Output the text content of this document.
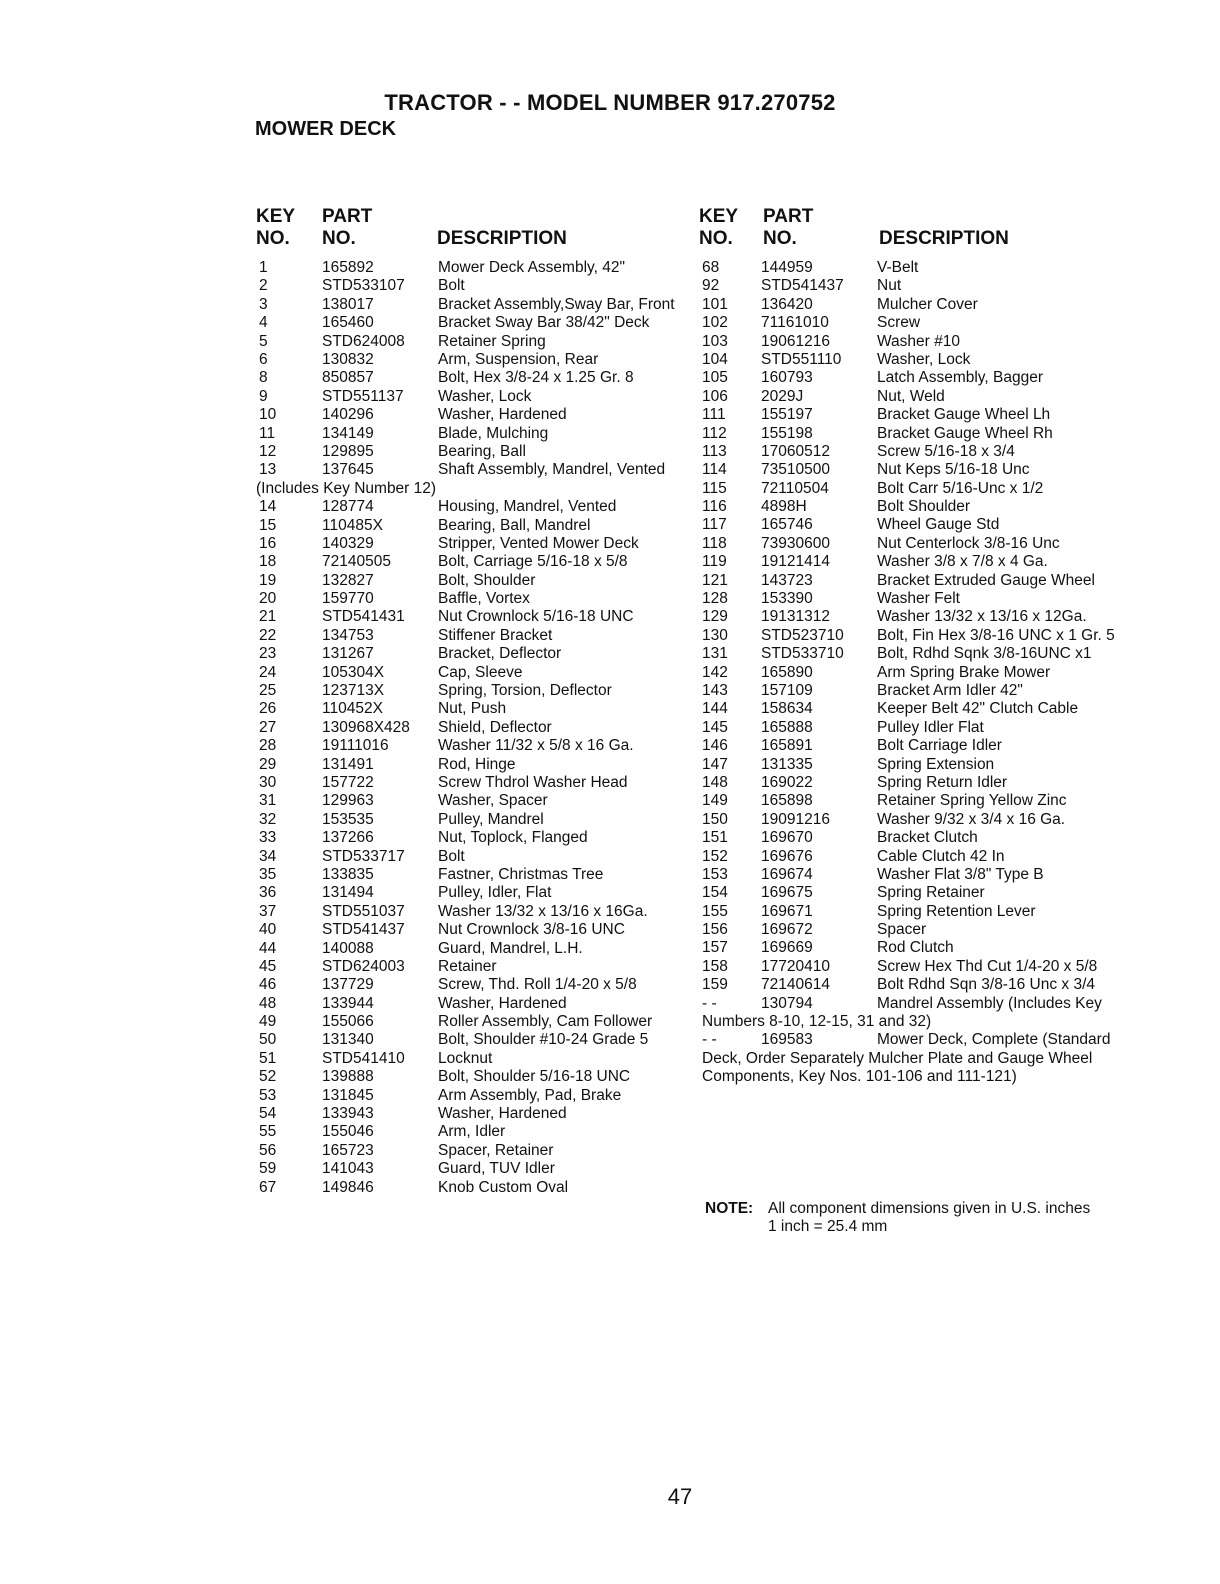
TRACTOR - - MODEL NUMBER 917.270752
MOWER DECK
KEY
NO.
PART
NO.	DESCRIPTION
KEY
NO.
PART
NO.	DESCRIPTION
1	165892	Mower Deck Assembly, 42"
2	STD533107 Bolt
3	138017	Bracket Assembly,Sway Bar, Front
4	165460	Bracket Sway Bar 38/42" Deck
5	STD624008 Retainer Spring
6	130832	Arm, Suspension, Rear
8	850857	Bolt, Hex 3/8-24 x 1.25 Gr. 8
9	STD551137 Washer, Lock
10	140296	Washer, Hardened
11	134149	Blade, Mulching
12	129895	Bearing, Ball
13	137645	Shaft Assembly, Mandrel, Vented (Includes Key Number 12)
14	128774	Housing, Mandrel, Vented
15	110485X	Bearing, Ball, Mandrel
16	140329	Stripper, Vented Mower Deck
18	72140505	Bolt, Carriage 5/16-18 x 5/8
19	132827	Bolt, Shoulder
20	159770	Baffle, Vortex
21	STD541431 Nut Crownlock 5/16-18 UNC
22	134753	Stiffener Bracket
23	131267	Bracket, Deflector
24	105304X	Cap, Sleeve
25	123713X	Spring, Torsion, Deflector
26	110452X	Nut, Push
27	130968X428 Shield, Deflector
28	19111016	Washer 11/32 x 5/8 x 16 Ga.
29	131491	Rod, Hinge
30	157722	Screw Thdrol Washer Head
31	129963	Washer, Spacer
32	153535	Pulley, Mandrel
33	137266	Nut, Toplock, Flanged
34	STD533717 Bolt
35	133835	Fastner, Christmas Tree
36	131494	Pulley, Idler, Flat
37	STD551037 Washer 13/32 x 13/16 x 16Ga.
40	STD541437 Nut Crownlock 3/8-16 UNC
44	140088	Guard, Mandrel, L.H.
45	STD624003 Retainer
46	137729	Screw, Thd. Roll 1/4-20 x 5/8
48	133944	Washer, Hardened
49	155066	Roller Assembly, Cam Follower
50	131340	Bolt, Shoulder #10-24 Grade 5
51	STD541410 Locknut
52	139888	Bolt, Shoulder 5/16-18 UNC
53	131845	Arm Assembly, Pad, Brake
54	133943	Washer, Hardened
55	155046	Arm, Idler
56	165723	Spacer, Retainer
59	141043	Guard, TUV Idler
67	149846	Knob Custom Oval
68	144959	V-Belt
92	STD541437 Nut
101 136420	Mulcher Cover
102 71161010	Screw
103 19061216	Washer #10
104 STD551110 Washer, Lock
105 160793	Latch Assembly, Bagger
106 2029J	Nut, Weld
111 155197	Bracket Gauge Wheel Lh
112 155198	Bracket Gauge Wheel Rh
113 17060512	Screw 5/16-18 x 3/4
114 73510500	Nut Keps 5/16-18 Unc
115 72110504	Bolt Carr 5/16-Unc x 1/2
116 4898H	Bolt Shoulder
117 165746	Wheel Gauge Std
118 73930600	Nut Centerlock 3/8-16 Unc
119 19121414	Washer 3/8 x 7/8 x 4 Ga.
121 143723	Bracket Extruded Gauge Wheel
128 153390	Washer Felt
129 19131312	Washer 13/32 x 13/16 x 12Ga.
130 STD523710 Bolt, Fin Hex 3/8-16 UNC x 1 Gr. 5
131 STD533710 Bolt, Rdhd Sqnk 3/8-16UNC x1
142 165890	Arm Spring Brake Mower
143 157109	Bracket Arm Idler 42"
144 158634	Keeper Belt 42" Clutch Cable
145 165888	Pulley Idler Flat
146 165891	Bolt Carriage Idler
147 131335	Spring Extension
148 169022	Spring Return Idler
149 165898	Retainer Spring Yellow Zinc
150 19091216	Washer 9/32 x 3/4 x 16 Ga.
151 169670	Bracket Clutch
152 169676	Cable Clutch 42 In
153 169674	Washer Flat 3/8" Type B
154 169675	Spring Retainer
155 169671	Spring Retention Lever
156 169672	Spacer
157 169669	Rod Clutch
158 17720410	Screw Hex Thd Cut 1/4-20 x 5/8
159 72140614	Bolt Rdhd Sqn 3/8-16 Unc x 3/4
- -	130794	Mandrel Assembly (Includes Key Numbers 8-10, 12-15, 31 and 32)
- -	169583	Mower Deck, Complete (Standard Deck, Order Separately Mulcher Plate and Gauge Wheel Components, Key Nos. 101-106 and 111-121)
NOTE: All component dimensions given in U.S. inches 1 inch = 25.4 mm
47
